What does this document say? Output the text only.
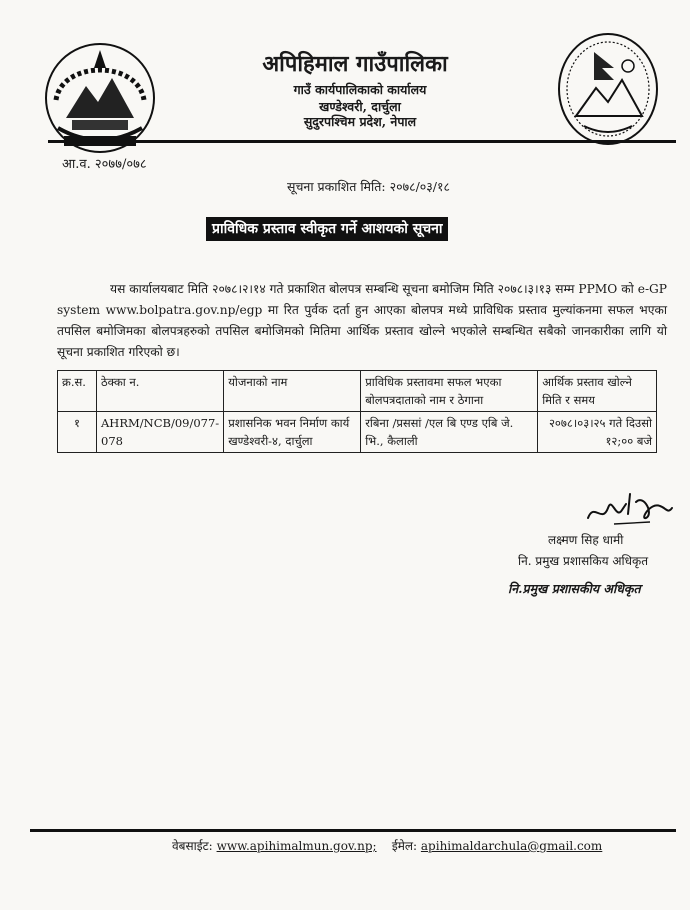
अपिहिमाल गाउँपालिका
गाउँ कार्यपालिकाको कार्यालय
खण्डेश्वरी, दार्चुला
सुदुरपश्चिम प्रदेश, नेपाल
आ.व. २०७७/०७८
सूचना प्रकाशित मिति: २०७८/०३/१८
प्राविधिक प्रस्ताव स्वीकृत गर्ने आशयको सूचना
यस कार्यालयबाट मिति २०७८।२।१४ गते प्रकाशित बोलपत्र सम्बन्धि सूचना बमोजिम मिति २०७८।३।१३ सम्म PPMO को e-GP system www.bolpatra.gov.np/egp मा रित पुर्वक दर्ता हुन आएका बोलपत्र मध्ये प्राविधिक प्रस्ताव मुल्यांकनमा सफल भएका तपसिल बमोजिमका बोलपत्रहरुको तपसिल बमोजिमको मितिमा आर्थिक प्रस्ताव खोल्ने भएकोले सम्बन्धित सबैको जानकारीका लागि यो सूचना प्रकाशित गरिएको छ।
क्र.स.	ठेक्का न.	योजनाको नाम	प्राविधिक प्रस्तावमा सफल भएका बोलपत्रदाताको नाम र ठेगाना	आर्थिक प्रस्ताव खोल्ने मिति र समय
१	AHRM/NCB/09/077-078	प्रशासनिक भवन निर्माण कार्य खण्डेश्वरी-४, दार्चुला	रबिना /प्रससां /एल बि एण्ड एबि जे. भि., कैलाली	२०७८।०३।२५ गते दिउसो १२;०० बजे
लक्ष्मण सिह धामी
नि. प्रमुख प्रशासकिय अधिकृत
नि.प्रमुख प्रशासकीय अधिकृत
वेबसाईट: www.apihimalmun.gov.np; ईमेल: apihimaldarchula@gmail.com
